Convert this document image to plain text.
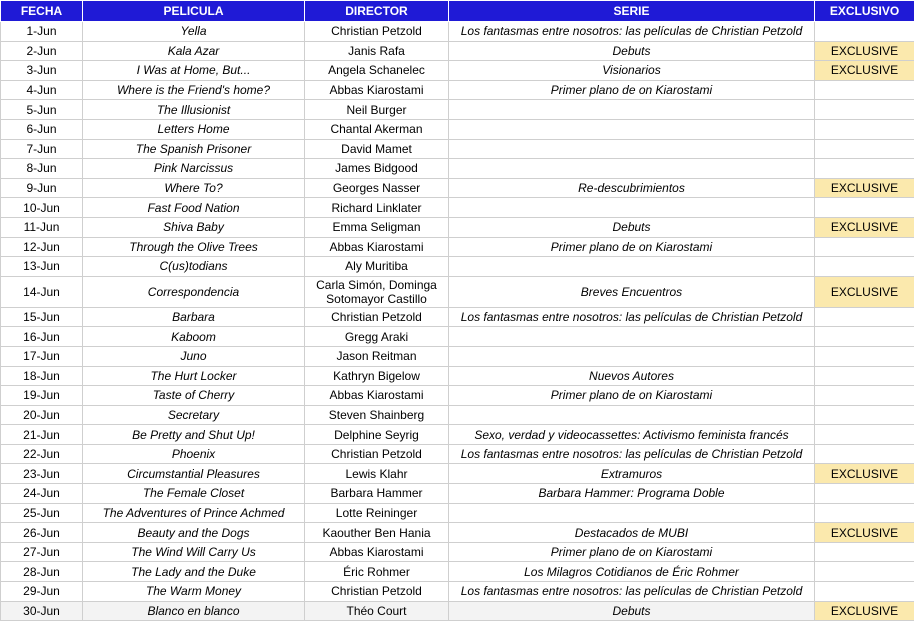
FECHA	PELICULA	DIRECTOR	SERIE	EXCLUSIVO
1-Jun	Yella	Christian Petzold	Los fantasmas entre nosotros: las películas de Christian Petzold	
2-Jun	Kala Azar	Janis Rafa	Debuts	EXCLUSIVE
3-Jun	I Was at Home, But...	Angela Schanelec	Visionarios	EXCLUSIVE
4-Jun	Where is the Friend's home?	Abbas Kiarostami	Primer plano de on Kiarostami	
5-Jun	The Illusionist	Neil Burger		
6-Jun	Letters Home	Chantal Akerman		
7-Jun	The Spanish Prisoner	David Mamet		
8-Jun	Pink Narcissus	James Bidgood		
9-Jun	Where To?	Georges Nasser	Re-descubrimientos	EXCLUSIVE
10-Jun	Fast Food Nation	Richard Linklater		
11-Jun	Shiva Baby	Emma Seligman	Debuts	EXCLUSIVE
12-Jun	Through the Olive Trees	Abbas Kiarostami	Primer plano de on Kiarostami	
13-Jun	C(us)todians	Aly Muritiba		
14-Jun	Correspondencia	Carla Simón, Dominga Sotomayor Castillo	Breves Encuentros	EXCLUSIVE
15-Jun	Barbara	Christian Petzold	Los fantasmas entre nosotros: las películas de Christian Petzold	
16-Jun	Kaboom	Gregg Araki		
17-Jun	Juno	Jason Reitman		
18-Jun	The Hurt Locker	Kathryn Bigelow	Nuevos Autores	
19-Jun	Taste of Cherry	Abbas Kiarostami	Primer plano de on Kiarostami	
20-Jun	Secretary	Steven Shainberg		
21-Jun	Be Pretty and Shut Up!	Delphine Seyrig	Sexo, verdad y videocassettes: Activismo feminista francés	
22-Jun	Phoenix	Christian Petzold	Los fantasmas entre nosotros: las películas de Christian Petzold	
23-Jun	Circumstantial Pleasures	Lewis Klahr	Extramuros	EXCLUSIVE
24-Jun	The Female Closet	Barbara Hammer	Barbara Hammer: Programa Doble	
25-Jun	The Adventures of Prince Achmed	Lotte Reininger		
26-Jun	Beauty and the Dogs	Kaouther Ben Hania	Destacados de MUBI	EXCLUSIVE
27-Jun	The Wind Will Carry Us	Abbas Kiarostami	Primer plano de on Kiarostami	
28-Jun	The Lady and the Duke	Éric Rohmer	Los Milagros Cotidianos de Éric Rohmer	
29-Jun	The Warm Money	Christian Petzold	Los fantasmas entre nosotros: las películas de Christian Petzold	
30-Jun	Blanco en blanco	Théo Court	Debuts	EXCLUSIVE
